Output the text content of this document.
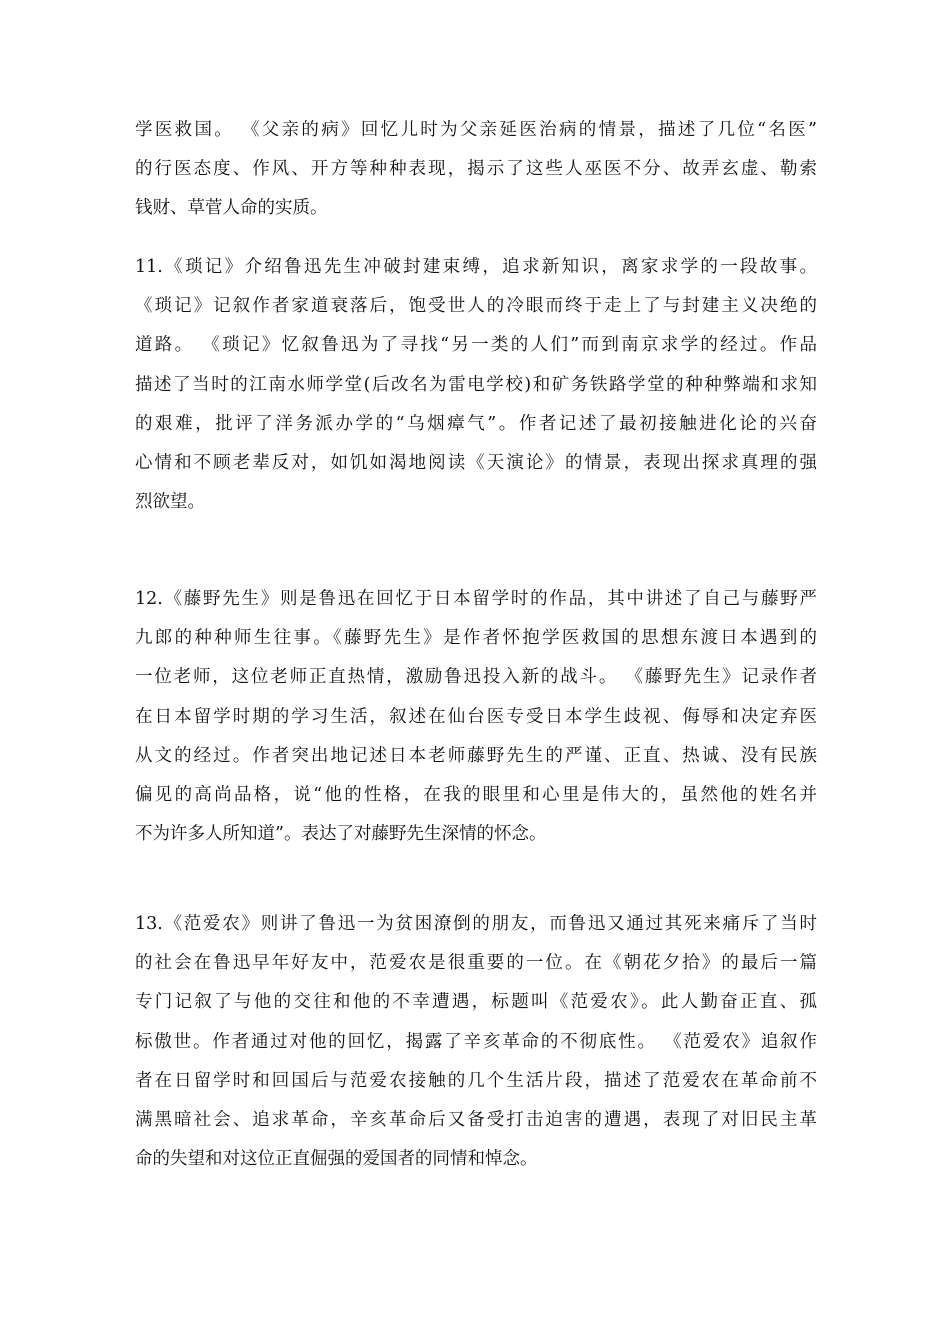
学医救国。 《父亲的病》回忆儿时为父亲延医治病的情景，描述了几位“名医”
的行医态度、作风、开方等种种表现，揭示了这些人巫医不分、故弄玄虚、勒索
钱财、草菅人命的实质。
11.《琐记》介绍鲁迅先生冲破封建束缚，追求新知识，离家求学的一段故事。
《琐记》记叙作者家道衰落后，饱受世人的冷眼而终于走上了与封建主义决绝的
道路。 《琐记》忆叙鲁迅为了寻找“另一类的人们”而到南京求学的经过。作品
描述了当时的江南水师学堂(后改名为雷电学校)和矿务铁路学堂的种种弊端和求知
的艰难，批评了洋务派办学的“乌烟瘴气”。作者记述了最初接触进化论的兴奋
心情和不顾老辈反对，如饥如渴地阅读《天演论》的情景，表现出探求真理的强
烈欲望。
12.《藤野先生》则是鲁迅在回忆于日本留学时的作品，其中讲述了自己与藤野严
九郎的种种师生往事。《藤野先生》是作者怀抱学医救国的思想东渡日本遇到的
一位老师，这位老师正直热情，激励鲁迅投入新的战斗。 《藤野先生》记录作者
在日本留学时期的学习生活，叙述在仙台医专受日本学生歧视、侮辱和决定弃医
从文的经过。作者突出地记述日本老师藤野先生的严谨、正直、热诚、没有民族
偏见的高尚品格，说“他的性格，在我的眼里和心里是伟大的，虽然他的姓名并
不为许多人所知道”。表达了对藤野先生深情的怀念。
13.《范爱农》则讲了鲁迅一为贫困潦倒的朋友，而鲁迅又通过其死来痛斥了当时
的社会在鲁迅早年好友中，范爱农是很重要的一位。在《朝花夕拾》的最后一篇
专门记叙了与他的交往和他的不幸遭遇，标题叫《范爱农》。此人勤奋正直、孤
标傲世。作者通过对他的回忆，揭露了辛亥革命的不彻底性。 《范爱农》追叙作
者在日留学时和回国后与范爱农接触的几个生活片段，描述了范爱农在革命前不
满黑暗社会、追求革命，辛亥革命后又备受打击迫害的遭遇，表现了对旧民主革
命的失望和对这位正直倔强的爱国者的同情和悼念。
